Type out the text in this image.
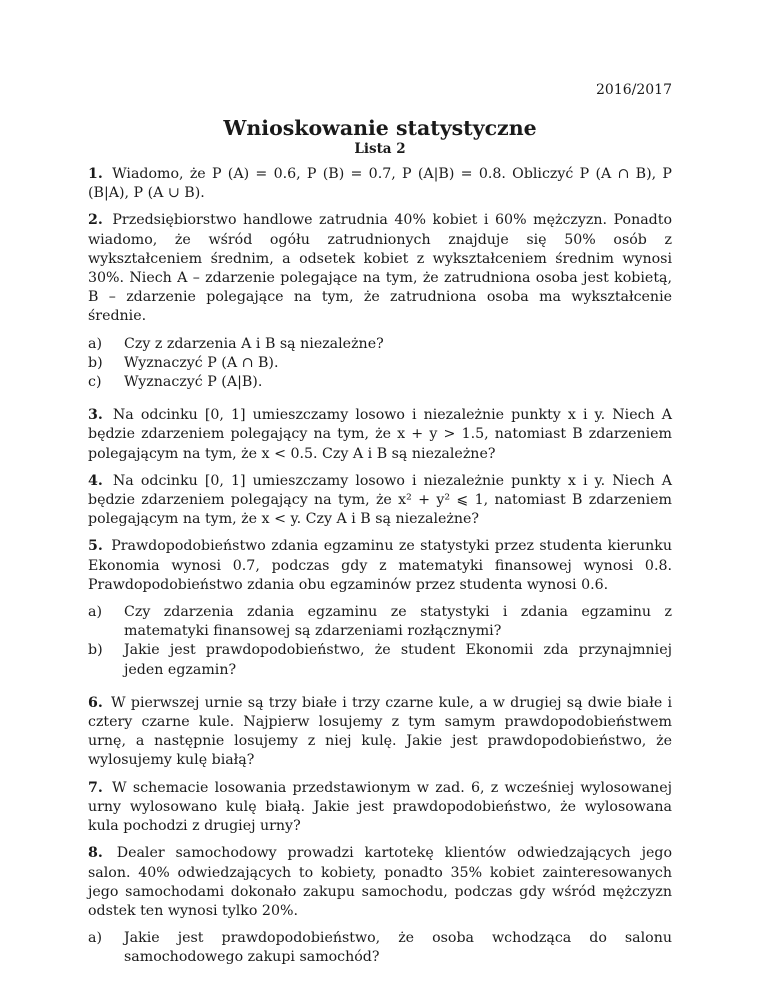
2016/2017
Wnioskowanie statystyczne
Lista 2

1. Wiadomo, że P (A) = 0.6, P (B) = 0.7, P (A|B) = 0.8. Obliczyć P (A ∩ B), P (B|A), P (A ∪ B).

2. Przedsiębiorstwo handlowe zatrudnia 40% kobiet i 60% mężczyzn. Ponadto wiadomo, że wśród ogółu zatrudnionych znajduje się 50% osób z wykształceniem średnim, a odsetek kobiet z wykształceniem średnim wynosi 30%. Niech A – zdarzenie polegające na tym, że zatrudniona osoba jest kobietą, B – zdarzenie polegające na tym, że zatrudniona osoba ma wykształcenie średnie.

a)	Czy z zdarzenia A i B są niezależne?
b)	Wyznaczyć P (A ∩ B).
c)	Wyznaczyć P (A|B).

3. Na odcinku [0, 1] umieszczamy losowo i niezależnie punkty x i y. Niech A będzie zdarzeniem polegający na tym, że x + y > 1.5, natomiast B zdarzeniem polegającym na tym, że x < 0.5. Czy A i B są niezależne?

4. Na odcinku [0, 1] umieszczamy losowo i niezależnie punkty x i y. Niech A będzie zdarzeniem polegający na tym, że x² + y² ⩽ 1, natomiast B zdarzeniem polegającym na tym, że x < y. Czy A i B są niezależne?

5. Prawdopodobieństwo zdania egzaminu ze statystyki przez studenta kierunku Ekonomia wynosi 0.7, podczas gdy z matematyki finansowej wynosi 0.8. Prawdopodobieństwo zdania obu egzaminów przez studenta wynosi 0.6.

a)	Czy zdarzenia zdania egzaminu ze statystyki i zdania egzaminu z matematyki finansowej są zdarzeniami rozłącznymi?
b)	Jakie jest prawdopodobieństwo, że student Ekonomii zda przynajmniej jeden egzamin?

6. W pierwszej urnie są trzy białe i trzy czarne kule, a w drugiej są dwie białe i cztery czarne kule. Najpierw losujemy z tym samym prawdopodobieństwem urnę, a następnie losujemy z niej kulę. Jakie jest prawdopodobieństwo, że wylosujemy kulę białą?

7. W schemacie losowania przedstawionym w zad. 6, z wcześniej wylosowanej urny wylosowano kulę białą. Jakie jest prawdopodobieństwo, że wylosowana kula pochodzi z drugiej urny?

8. Dealer samochodowy prowadzi kartotekę klientów odwiedzających jego salon. 40% odwiedzających to kobiety, ponadto 35% kobiet zainteresowanych jego samochodami dokonało zakupu samochodu, podczas gdy wśród mężczyzn odstek ten wynosi tylko 20%.

a)	Jakie jest prawdopodobieństwo, że osoba wchodząca do salonu samochodowego zakupi samochód?
